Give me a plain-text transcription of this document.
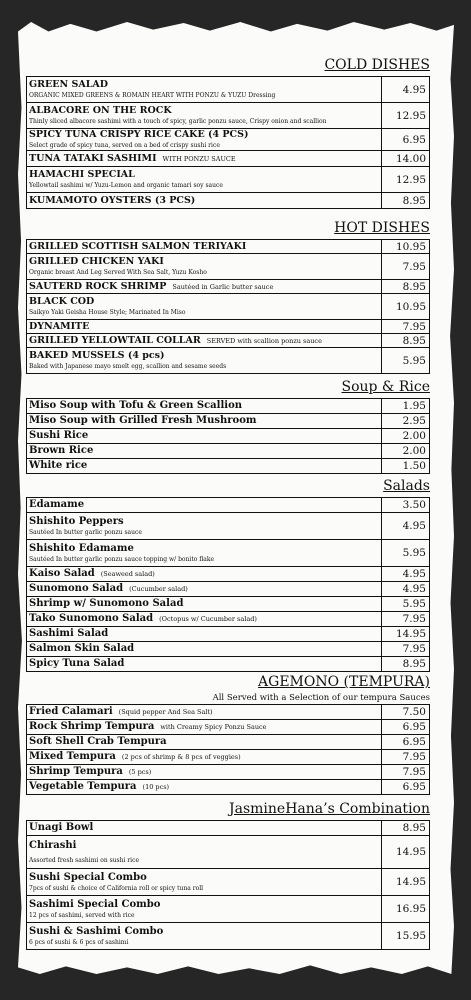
COLD DISHES
GREEN SALAD
ORGANIC MIXED GREENS & ROMAIN HEART WITH PONZU & YUZU Dressing	4.95

ALBACORE ON THE ROCK
Thinly sliced albacore sashimi with a touch of spicy, garlic ponzu sauce, Crispy onion and scallion	12.95

SPICY TUNA CRISPY RICE CAKE (4 PCS)
Select grade of spicy tuna, served on a bed of crispy sushi rice	6.95

TUNA TATAKI SASHIMI WITH PONZU SAUCE	14.00

HAMACHI SPECIAL
Yellowtail sashimi w/ Yuzu-Lemon and organic tamari soy sauce	12.95

KUMAMOTO OYSTERS (3 PCS)	8.95
HOT DISHES
GRILLED SCOTTISH SALMON TERIYAKI	10.95

GRILLED CHICKEN YAKI
Organic breast And Leg Served With Sea Salt, Yuzu Kosho	7.95

SAUTERD ROCK SHRIMP Sautéed in Garlic butter sauce	8.95

BLACK COD
Saikyo Yaki Geisha House Style; Marinated In Miso	10.95

DYNAMITE	7.95

GRILLED YELLOWTAIL COLLAR SERVED with scallion ponzu sauce	8.95

BAKED MUSSELS (4 pcs)
Baked with Japanese mayo smelt egg, scallion and sesame seeds	5.95
Soup & Rice
Miso Soup with Tofu & Green Scallion	1.95

Miso Soup with Grilled Fresh Mushroom	2.95

Sushi Rice	2.00

Brown Rice	2.00

White rice	1.50
Salads
Edamame	3.50

Shishito Peppers
Sautéed In butter garlic ponzu sauce	4.95

Shishito Edamame
Sautéed In butter garlic ponzu sauce topping w/ bonito flake	5.95

Kaiso Salad (Seaweed salad)	4.95

Sunomono Salad (Cucumber salad)	4.95

Shrimp w/ Sunomono Salad	5.95

Tako Sunomono Salad (Octopus w/ Cucumber salad)	7.95

Sashimi Salad	14.95

Salmon Skin Salad	7.95

Spicy Tuna Salad	8.95
AGEMONO (TEMPURA)
All Served with a Selection of our tempura Sauces
Fried Calamari (Squid pepper And Sea Salt)	7.50

Rock Shrimp Tempura with Creamy Spicy Ponzu Sauce	6.95

Soft Shell Crab Tempura	6.95

Mixed Tempura (2 pcs of shrimp & 8 pcs of veggies)	7.95

Shrimp Tempura (5 pcs)	7.95

Vegetable Tempura (10 pcs)	6.95
JasmineHana’s Combination
Unagi Bowl	8.95

Chirashi
Assorted fresh sashimi on sushi rice	14.95

Sushi Special Combo
7pcs of sushi & choice of California roll or spicy tuna roll	14.95

Sashimi Special Combo
12 pcs of sashimi, served with rice	16.95

Sushi & Sashimi Combo
6 pcs of sushi & 6 pcs of sashimi	15.95
